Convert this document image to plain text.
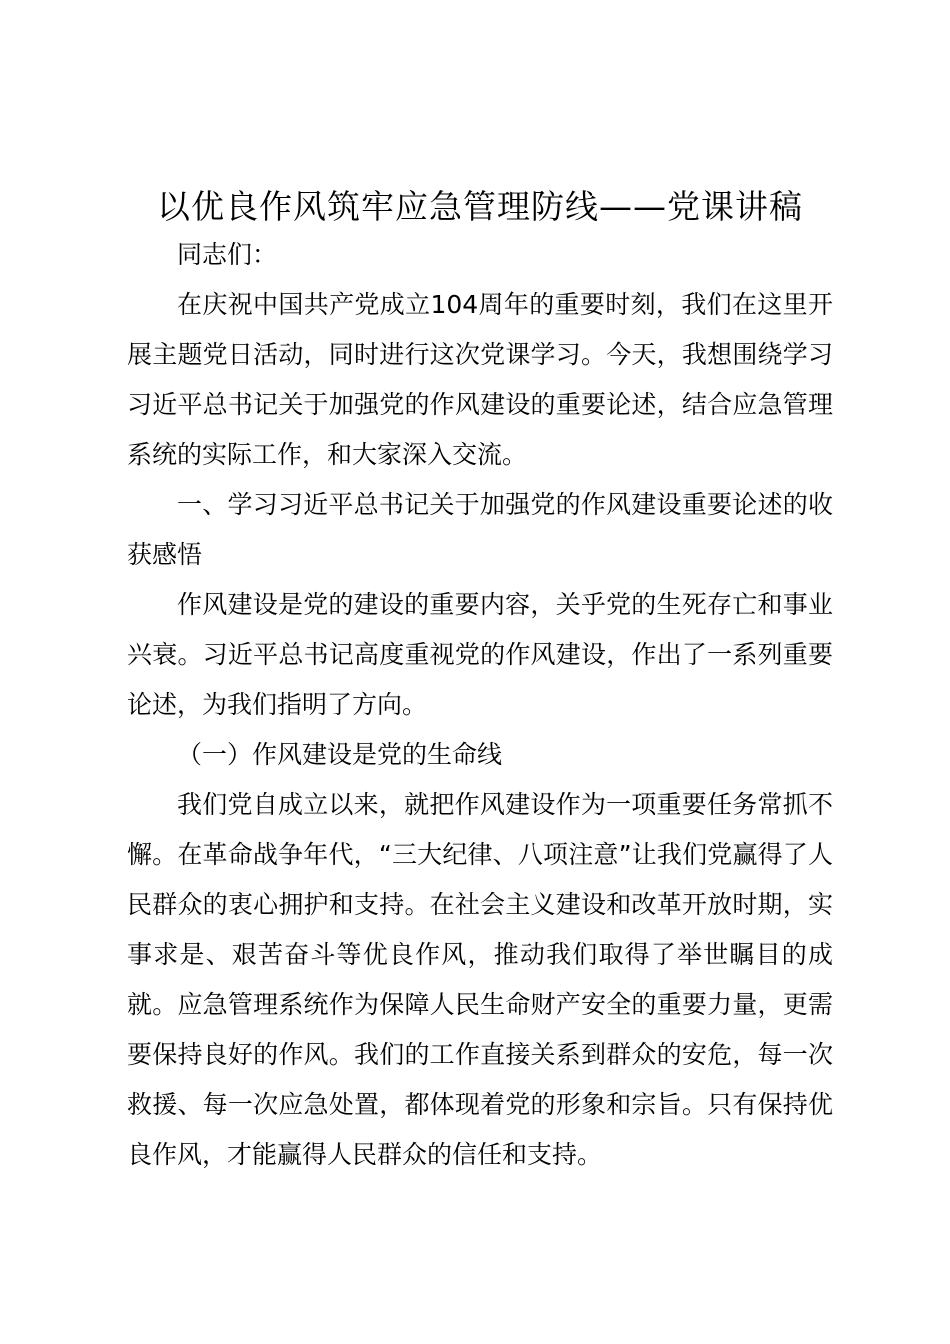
以优良作风筑牢应急管理防线——党课讲稿

同志们：

在庆祝中国共产党成立104周年的重要时刻，我们在这里开展主题党日活动，同时进行这次党课学习。今天，我想围绕学习习近平总书记关于加强党的作风建设的重要论述，结合应急管理系统的实际工作，和大家深入交流。

一、学习习近平总书记关于加强党的作风建设重要论述的收获感悟

作风建设是党的建设的重要内容，关乎党的生死存亡和事业兴衰。习近平总书记高度重视党的作风建设，作出了一系列重要论述，为我们指明了方向。

（一）作风建设是党的生命线

我们党自成立以来，就把作风建设作为一项重要任务常抓不懈。在革命战争年代，“三大纪律、八项注意”让我们党赢得了人民群众的衷心拥护和支持。在社会主义建设和改革开放时期，实事求是、艰苦奋斗等优良作风，推动我们取得了举世瞩目的成就。应急管理系统作为保障人民生命财产安全的重要力量，更需要保持良好的作风。我们的工作直接关系到群众的安危，每一次救援、每一次应急处置，都体现着党的形象和宗旨。只有保持优良作风，才能赢得人民群众的信任和支持。
